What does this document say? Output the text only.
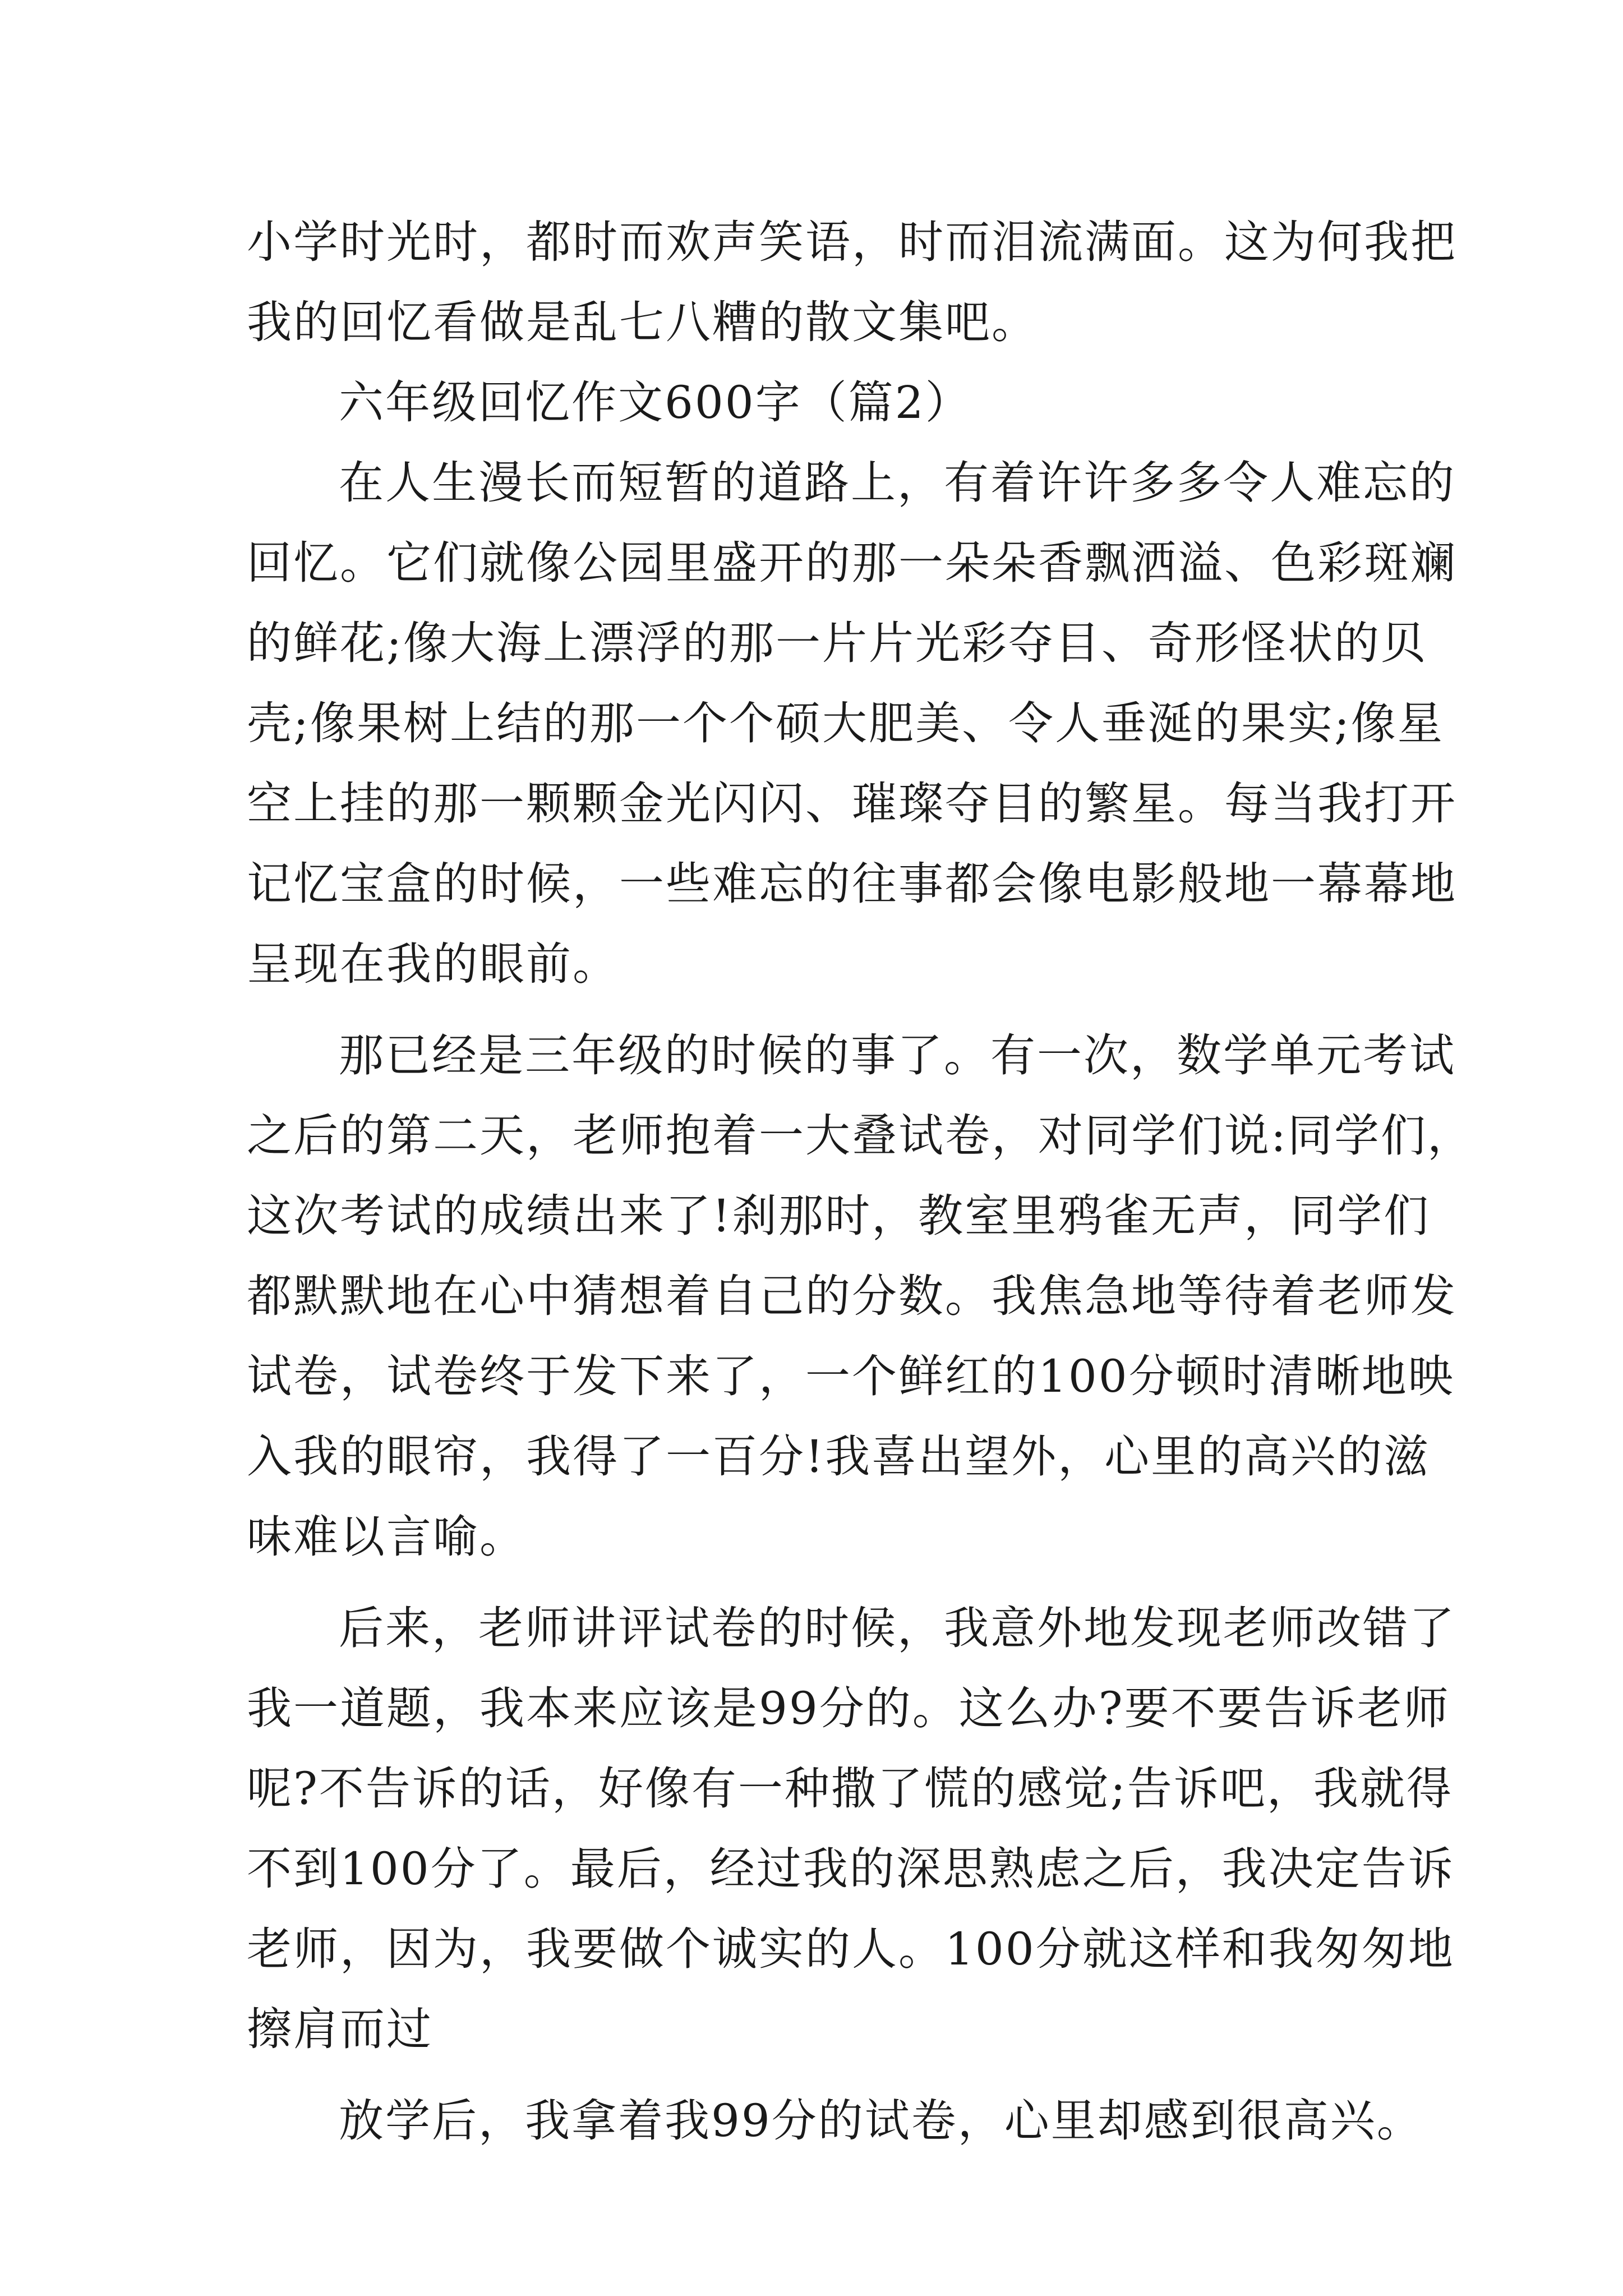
小学时光时，都时而欢声笑语，时而泪流满面。这为何我把
我的回忆看做是乱七八糟的散文集吧。
六年级回忆作文600字（篇2）
在人生漫长而短暂的道路上，有着许许多多令人难忘的
回忆。它们就像公园里盛开的那一朵朵香飘洒溢、色彩斑斓
的鲜花;像大海上漂浮的那一片片光彩夺目、奇形怪状的贝
壳;像果树上结的那一个个硕大肥美、令人垂涎的果实;像星
空上挂的那一颗颗金光闪闪、璀璨夺目的繁星。每当我打开
记忆宝盒的时候，一些难忘的往事都会像电影般地一幕幕地
呈现在我的眼前。
那已经是三年级的时候的事了。有一次，数学单元考试
之后的第二天，老师抱着一大叠试卷，对同学们说:同学们，
这次考试的成绩出来了!刹那时，教室里鸦雀无声，同学们
都默默地在心中猜想着自己的分数。我焦急地等待着老师发
试卷，试卷终于发下来了，一个鲜红的100分顿时清晰地映
入我的眼帘，我得了一百分!我喜出望外，心里的高兴的滋
味难以言喻。
后来，老师讲评试卷的时候，我意外地发现老师改错了
我一道题，我本来应该是99分的。这么办?要不要告诉老师
呢?不告诉的话，好像有一种撒了慌的感觉;告诉吧，我就得
不到100分了。最后，经过我的深思熟虑之后，我决定告诉
老师，因为，我要做个诚实的人。100分就这样和我匆匆地
擦肩而过
放学后，我拿着我99分的试卷，心里却感到很高兴。
